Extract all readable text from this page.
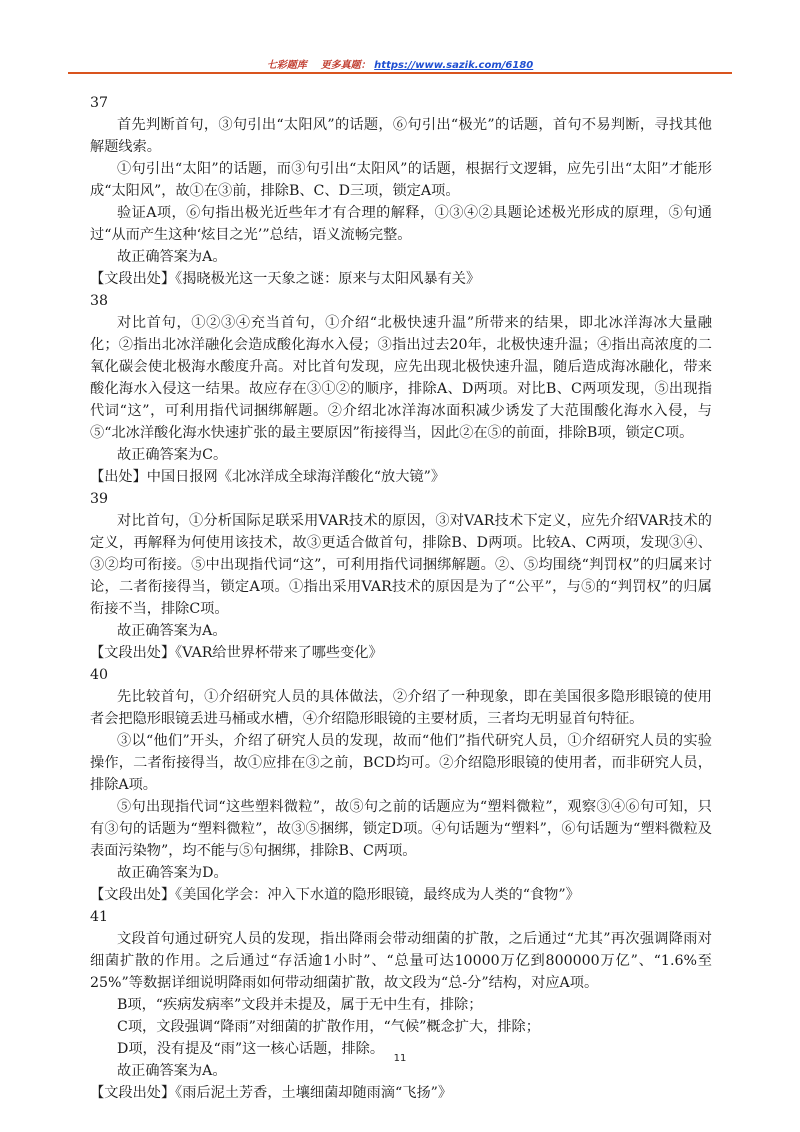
七彩题库 更多真题： https://www.sazik.com/6180

37

首先判断首句，③句引出“太阳风”的话题，⑥句引出“极光”的话题，首句不易判断，寻找其他解题线索。

①句引出“太阳”的话题，而③句引出“太阳风”的话题，根据行文逻辑，应先引出“太阳”才能形成“太阳风”，故①在③前，排除B、C、D三项，锁定A项。

验证A项，⑥句指出极光近些年才有合理的解释，①③④②具题论述极光形成的原理，⑤句通过“从而产生这种‘炫目之光’”总结，语义流畅完整。

故正确答案为A。

【文段出处】《揭晓极光这一天象之谜：原来与太阳风暴有关》

38

对比首句，①②③④充当首句，①介绍“北极快速升温”所带来的结果，即北冰洋海冰大量融化；②指出北冰洋融化会造成酸化海水入侵；③指出过去20年，北极快速升温；④指出高浓度的二氧化碳会使北极海水酸度升高。对比首句发现，应先出现北极快速升温，随后造成海冰融化，带来酸化海水入侵这一结果。故应存在③①②的顺序，排除A、D两项。对比B、C两项发现，⑤出现指代词“这”，可利用指代词捆绑解题。②介绍北冰洋海冰面积减少诱发了大范围酸化海水入侵，与⑤“北冰洋酸化海水快速扩张的最主要原因”衔接得当，因此②在⑤的前面，排除B项，锁定C项。

故正确答案为C。

【出处】中国日报网《北冰洋成全球海洋酸化“放大镜”》

39

对比首句，①分析国际足联采用VAR技术的原因，③对VAR技术下定义，应先介绍VAR技术的定义，再解释为何使用该技术，故③更适合做首句，排除B、D两项。比较A、C两项，发现③④、③②均可衔接。⑤中出现指代词“这”，可利用指代词捆绑解题。②、⑤均围绕“判罚权”的归属来讨论，二者衔接得当，锁定A项。①指出采用VAR技术的原因是为了“公平”，与⑤的“判罚权”的归属衔接不当，排除C项。

故正确答案为A。

【文段出处】《VAR给世界杯带来了哪些变化》

40

先比较首句，①介绍研究人员的具体做法，②介绍了一种现象，即在美国很多隐形眼镜的使用者会把隐形眼镜丢进马桶或水槽，④介绍隐形眼镜的主要材质，三者均无明显首句特征。

③以“他们”开头，介绍了研究人员的发现，故而“他们”指代研究人员，①介绍研究人员的实验操作，二者衔接得当，故①应排在③之前，BCD均可。②介绍隐形眼镜的使用者，而非研究人员，排除A项。

⑤句出现指代词“这些塑料微粒”，故⑤句之前的话题应为“塑料微粒”，观察③④⑥句可知，只有③句的话题为“塑料微粒”，故③⑤捆绑，锁定D项。④句话题为“塑料”，⑥句话题为“塑料微粒及表面污染物”，均不能与⑤句捆绑，排除B、C两项。

故正确答案为D。

【文段出处】《美国化学会：冲入下水道的隐形眼镜，最终成为人类的“食物”》

41

文段首句通过研究人员的发现，指出降雨会带动细菌的扩散，之后通过“尤其”再次强调降雨对细菌扩散的作用。之后通过“存活逾1小时”、“总量可达10000万亿到800000万亿”、“1.6%至25%”等数据详细说明降雨如何带动细菌扩散，故文段为“总-分”结构，对应A项。

B项，“疾病发病率”文段并未提及，属于无中生有，排除；

C项，文段强调“降雨”对细菌的扩散作用，“气候”概念扩大，排除；

D项，没有提及“雨”这一核心话题，排除。

故正确答案为A。

【文段出处】《雨后泥土芳香，土壤细菌却随雨滴“飞扬”》

11
